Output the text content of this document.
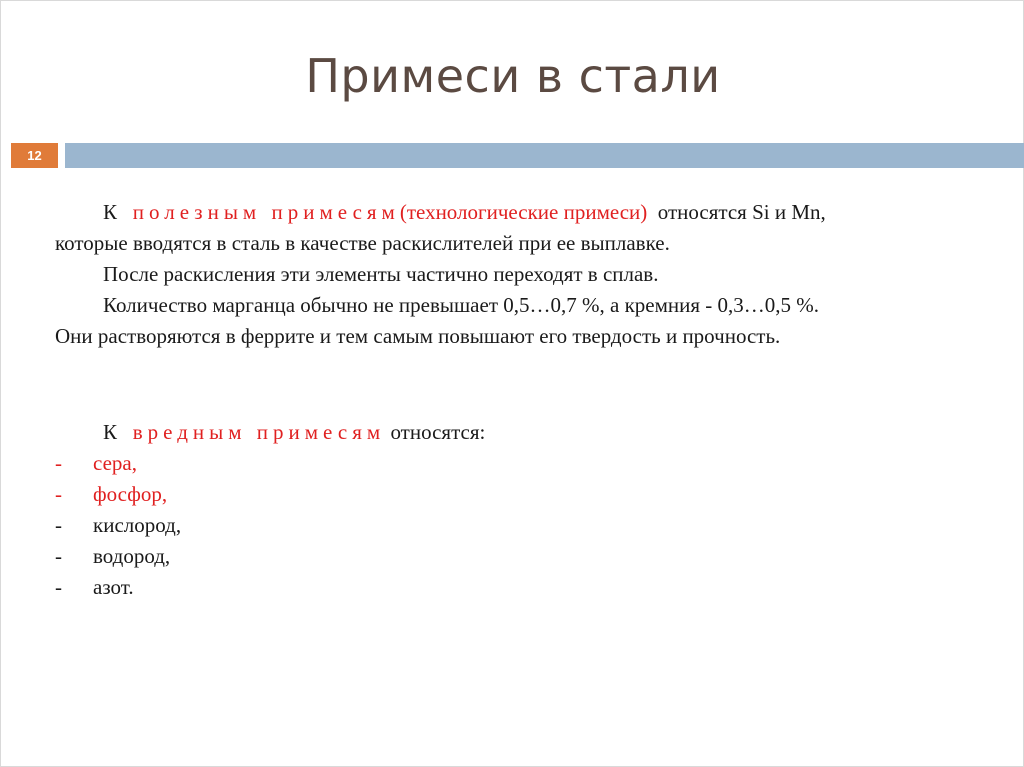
Примеси в стали
12
К полезным примесям(технологические примеси) относятся Si и Mn,
которые вводятся в сталь в качестве раскислителей при ее выплавке.
После раскисления эти элементы частично переходят в сплав.
Количество марганца обычно не превышает 0,5…0,7 %, а кремния - 0,3…0,5 %.
Они растворяются в феррите и тем самым повышают его твердость и прочность.
К вредным примесям относятся:
- сера,
- фосфор,
- кислород,
- водород,
- азот.
